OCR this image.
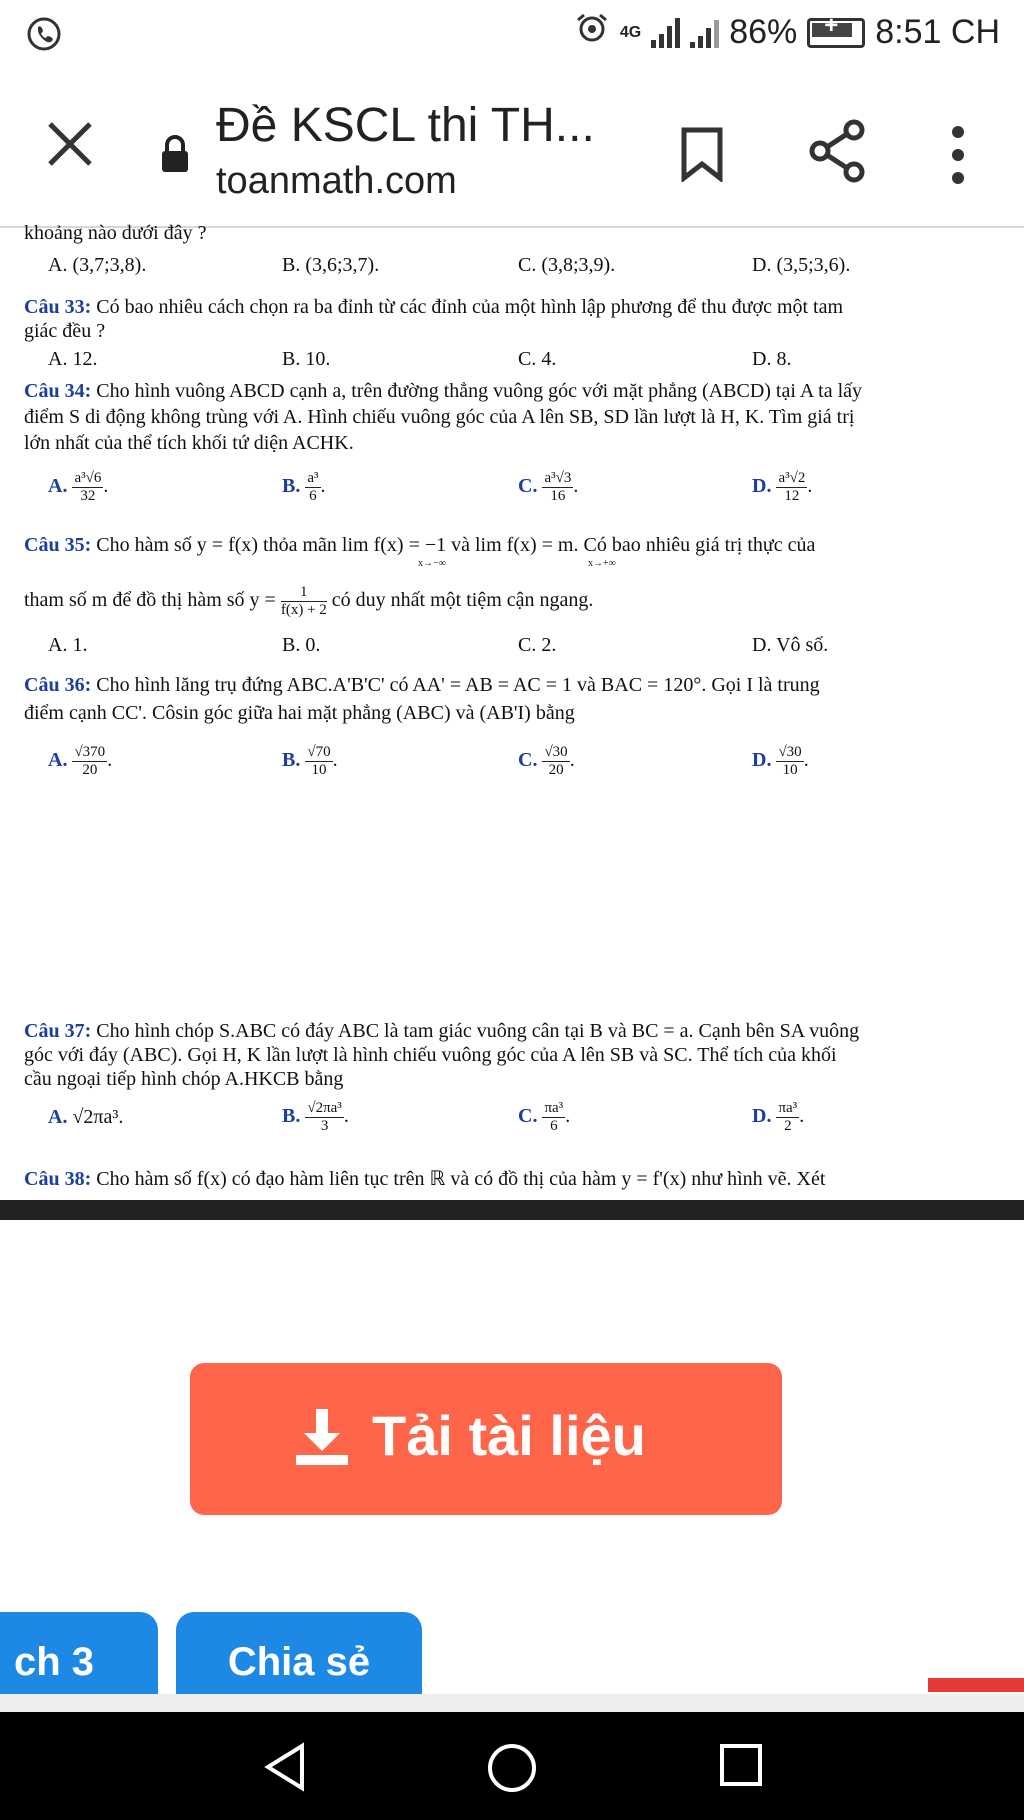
4G	86%
+ 8:51 CH
Đề KSCL thi TH...
toanmath.com
khoảng nào dưới đây ?
A. (3,7;3,8).	B. (3,6;3,7).	C. (3,8;3,9).	D. (3,5;3,6).
Câu 33: Có bao nhiêu cách chọn ra ba đỉnh từ các đỉnh của một hình lập phương để thu được một tam
giác đều ?
A. 12.	B. 10.	C. 4.	D. 8.
Câu 34: Cho hình vuông ABCD cạnh a, trên đường thẳng vuông góc với mặt phẳng (ABCD) tại A ta lấy
điểm S di động không trùng với A. Hình chiếu vuông góc của A lên SB, SD lần lượt là H, K. Tìm giá trị
lớn nhất của thể tích khối tứ diện ACHK.
A. $\frac{\text{a³√6}}{32}$ .	B. $\frac{\text{a³}}{6}$ .	C. $\frac{\text{a³√3}}{16}$ .	D. $\frac{\text{a³√2}}{12}$ .
Câu 35: Cho hàm số y = f(x) thỏa mãn lim f(x) = −1 và lim f(x) = m. Có bao nhiêu giá trị thực của
x→−∞	x→+∞
tham số m để đồ thị hàm số $y = \frac{1}{f(x) + 2}$ có duy nhất một tiệm cận ngang.
A. 1.	B. 0.	C. 2.	D. Vô số.
Câu 36: Cho hình lăng trụ đứng ABC.A'B'C' có AA' = AB = AC = 1 và BAC = 120°. Gọi I là trung
điểm cạnh CC'. Côsin góc giữa hai mặt phẳng (ABC) và (AB'I) bằng
A. $\frac{√370}{20}$ .	B. $\frac{√70}{10}$ .	C. $\frac{√30}{20}$ .	D. $\frac{√30}{10}$ .
Câu 37: Cho hình chóp S.ABC có đáy ABC là tam giác vuông cân tại B và BC = a. Cạnh bên SA vuông
góc với đáy (ABC). Gọi H, K lần lượt là hình chiếu vuông góc của A lên SB và SC. Thể tích của khối
cầu ngoại tiếp hình chóp A.HKCB bằng
A. √2πa³.	B. $\frac{\text{√2πa³}}{3}$ .	C. $\frac{\text{πa³}}{6}$ .	D. $\frac{\text{πa³}}{2}$ .
Câu 38: Cho hàm số f(x) có đạo hàm liên tục trên ℝ và có đồ thị của hàm y = f'(x) như hình vẽ. Xét
Tải tài liệu
ch 3	Chia sẻ
